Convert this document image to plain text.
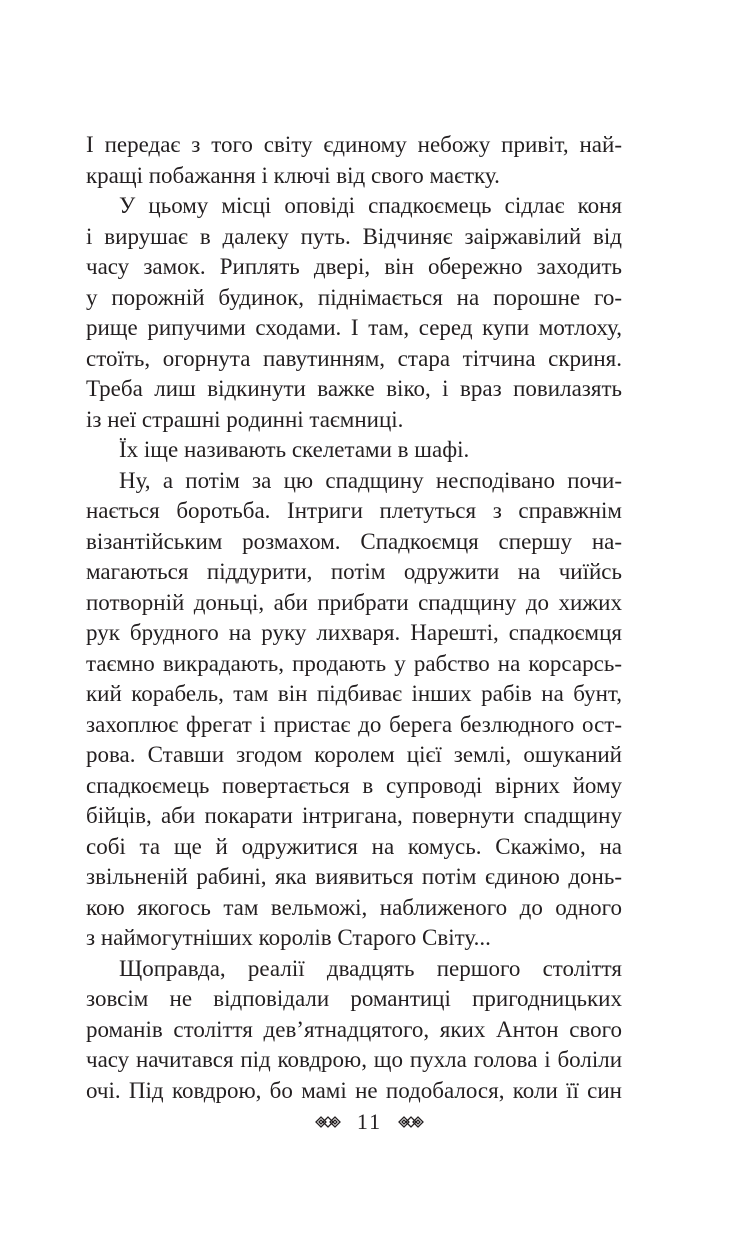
І передає з того світу єдиному небожу привіт, най-
кращі побажання і ключі від свого маєтку.
У цьому місці оповіді спадкоємець сідлає коня
і вирушає в далеку путь. Відчиняє заіржавілий від
часу замок. Риплять двері, він обережно заходить
у порожній будинок, піднімається на порошне го-
рище рипучими сходами. І там, серед купи мотлоху,
стоїть, огорнута павутинням, стара тітчина скриня.
Треба лиш відкинути важке віко, і враз повилазять
із неї страшні родинні таємниці.
Їх іще називають скелетами в шафі.
Ну, а потім за цю спадщину несподівано почи-
нається боротьба. Інтриги плетуться з справжнім
візантійським розмахом. Спадкоємця спершу на-
магаються піддурити, потім одружити на чиїйсь
потворній доньці, аби прибрати спадщину до хижих
рук брудного на руку лихваря. Нарешті, спадкоємця
таємно викрадають, продають у рабство на корсарсь-
кий корабель, там він підбиває інших рабів на бунт,
захоплює фрегат і пристає до берега безлюдного ост-
рова. Ставши згодом королем цієї землі, ошуканий
спадкоємець повертається в супроводі вірних йому
бійців, аби покарати інтригана, повернути спадщину
собі та ще й одружитися на комусь. Скажімо, на
звільненій рабині, яка виявиться потім єдиною донь-
кою якогось там вельможі, наближеного до одного
з наймогутніших королів Старого Світу...
Щоправда, реалії двадцять першого століття
зовсім не відповідали романтиці пригодницьких
романів століття дев’ятнадцятого, яких Антон свого
часу начитався під ковдрою, що пухла голова і боліли
очі. Під ковдрою, бо мамі не подобалося, коли її син
11
